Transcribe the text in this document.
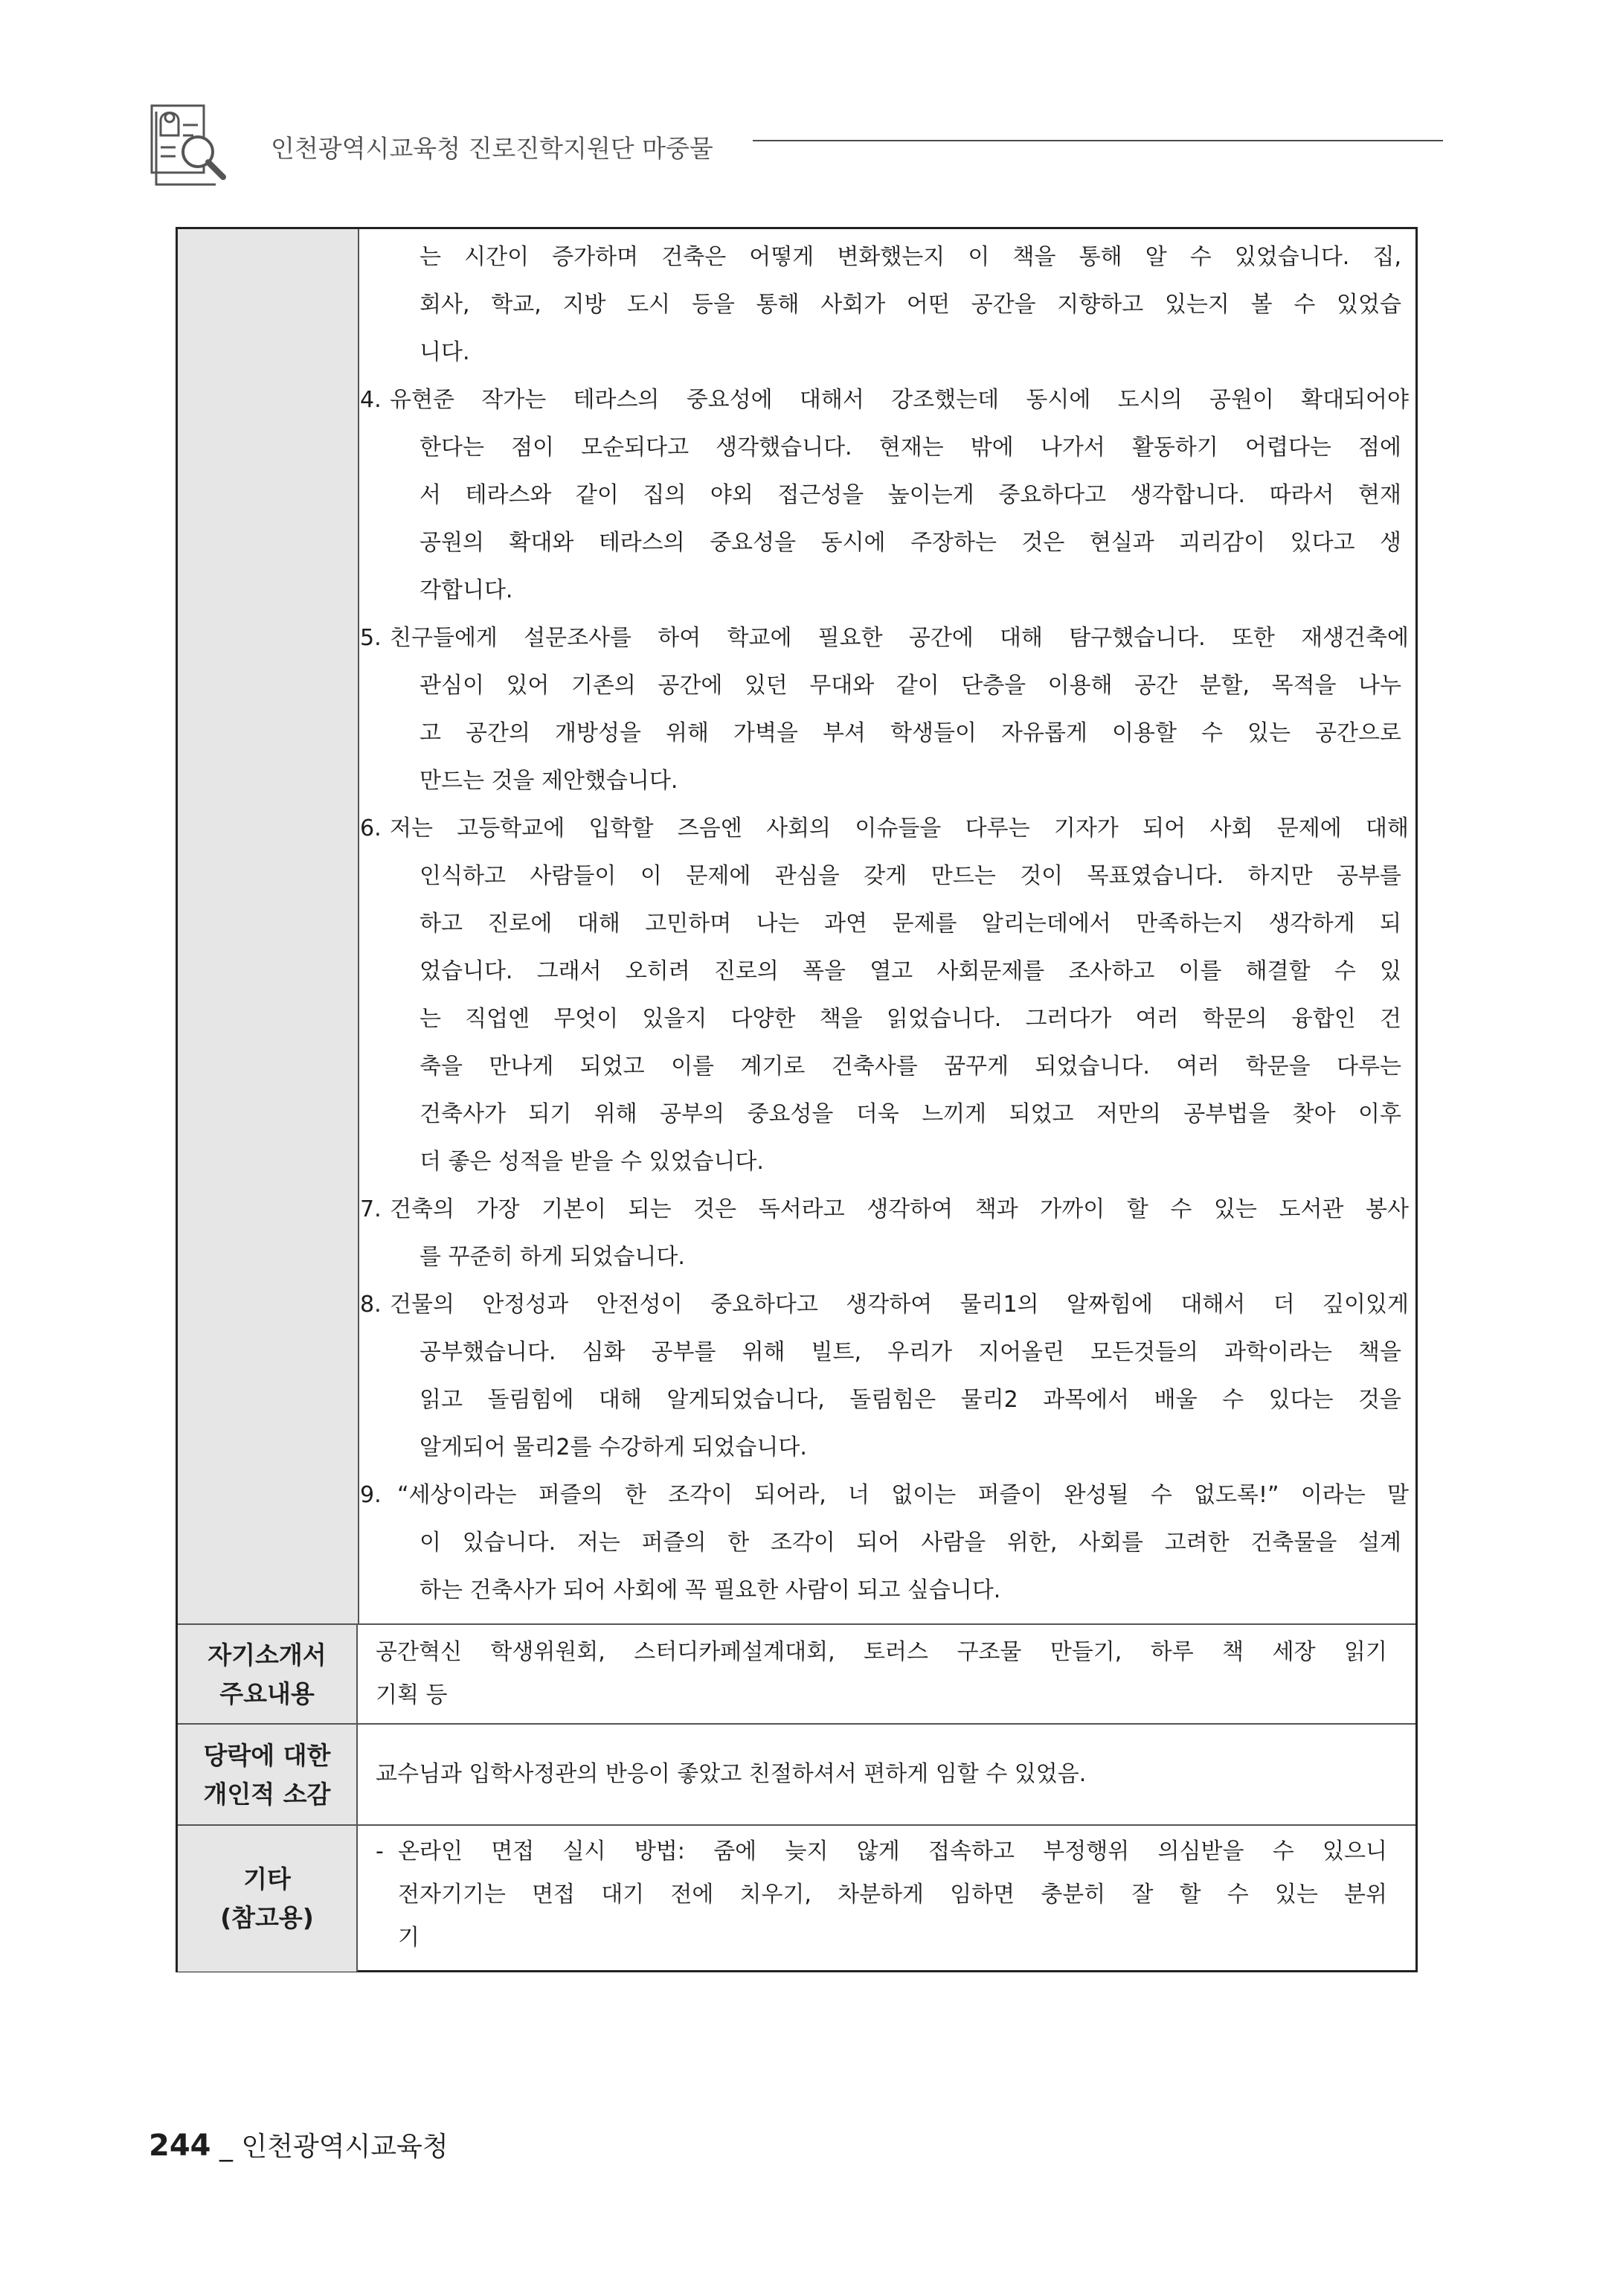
인천광역시교육청 진로진학지원단 마중물
는 시간이 증가하며 건축은 어떻게 변화했는지 이 책을 통해 알 수 있었습니다. 집,
회사, 학교, 지방 도시 등을 통해 사회가 어떤 공간을 지향하고 있는지 볼 수 있었습
니다.
4. 유현준 작가는 테라스의 중요성에 대해서 강조했는데 동시에 도시의 공원이 확대되어야
한다는 점이 모순되다고 생각했습니다. 현재는 밖에 나가서 활동하기 어렵다는 점에
서 테라스와 같이 집의 야외 접근성을 높이는게 중요하다고 생각합니다. 따라서 현재
공원의 확대와 테라스의 중요성을 동시에 주장하는 것은 현실과 괴리감이 있다고 생
각합니다.
5. 친구들에게 설문조사를 하여 학교에 필요한 공간에 대해 탐구했습니다. 또한 재생건축에
관심이 있어 기존의 공간에 있던 무대와 같이 단층을 이용해 공간 분할, 목적을 나누
고 공간의 개방성을 위해 가벽을 부셔 학생들이 자유롭게 이용할 수 있는 공간으로
만드는 것을 제안했습니다.
6. 저는 고등학교에 입학할 즈음엔 사회의 이슈들을 다루는 기자가 되어 사회 문제에 대해
인식하고 사람들이 이 문제에 관심을 갖게 만드는 것이 목표였습니다. 하지만 공부를
하고 진로에 대해 고민하며 나는 과연 문제를 알리는데에서 만족하는지 생각하게 되
었습니다. 그래서 오히려 진로의 폭을 열고 사회문제를 조사하고 이를 해결할 수 있
는 직업엔 무엇이 있을지 다양한 책을 읽었습니다. 그러다가 여러 학문의 융합인 건
축을 만나게 되었고 이를 계기로 건축사를 꿈꾸게 되었습니다. 여러 학문을 다루는
건축사가 되기 위해 공부의 중요성을 더욱 느끼게 되었고 저만의 공부법을 찾아 이후
더 좋은 성적을 받을 수 있었습니다.
7. 건축의 가장 기본이 되는 것은 독서라고 생각하여 책과 가까이 할 수 있는 도서관 봉사
를 꾸준히 하게 되었습니다.
8. 건물의 안정성과 안전성이 중요하다고 생각하여 물리1의 알짜힘에 대해서 더 깊이있게
공부했습니다. 심화 공부를 위해 빌트, 우리가 지어올린 모든것들의 과학이라는 책을
읽고 돌림힘에 대해 알게되었습니다, 돌림힘은 물리2 과목에서 배울 수 있다는 것을
알게되어 물리2를 수강하게 되었습니다.
9. “세상이라는 퍼즐의 한 조각이 되어라, 너 없이는 퍼즐이 완성될 수 없도록!” 이라는 말
이 있습니다. 저는 퍼즐의 한 조각이 되어 사람을 위한, 사회를 고려한 건축물을 설계
하는 건축사가 되어 사회에 꼭 필요한 사람이 되고 싶습니다.
자기소개서
주요내용
공간혁신 학생위원회, 스터디카페설계대회, 토러스 구조물 만들기, 하루 책 세장 읽기
기획 등
당락에 대한
개인적 소감
교수님과 입학사정관의 반응이 좋았고 친절하셔서 편하게 임할 수 있었음.
기타
(참고용)
- 온라인 면접 실시 방법: 줌에 늦지 않게 접속하고 부정행위 의심받을 수 있으니
전자기기는 면접 대기 전에 치우기, 차분하게 임하면 충분히 잘 할 수 있는 분위
기
244 _ 인천광역시교육청
